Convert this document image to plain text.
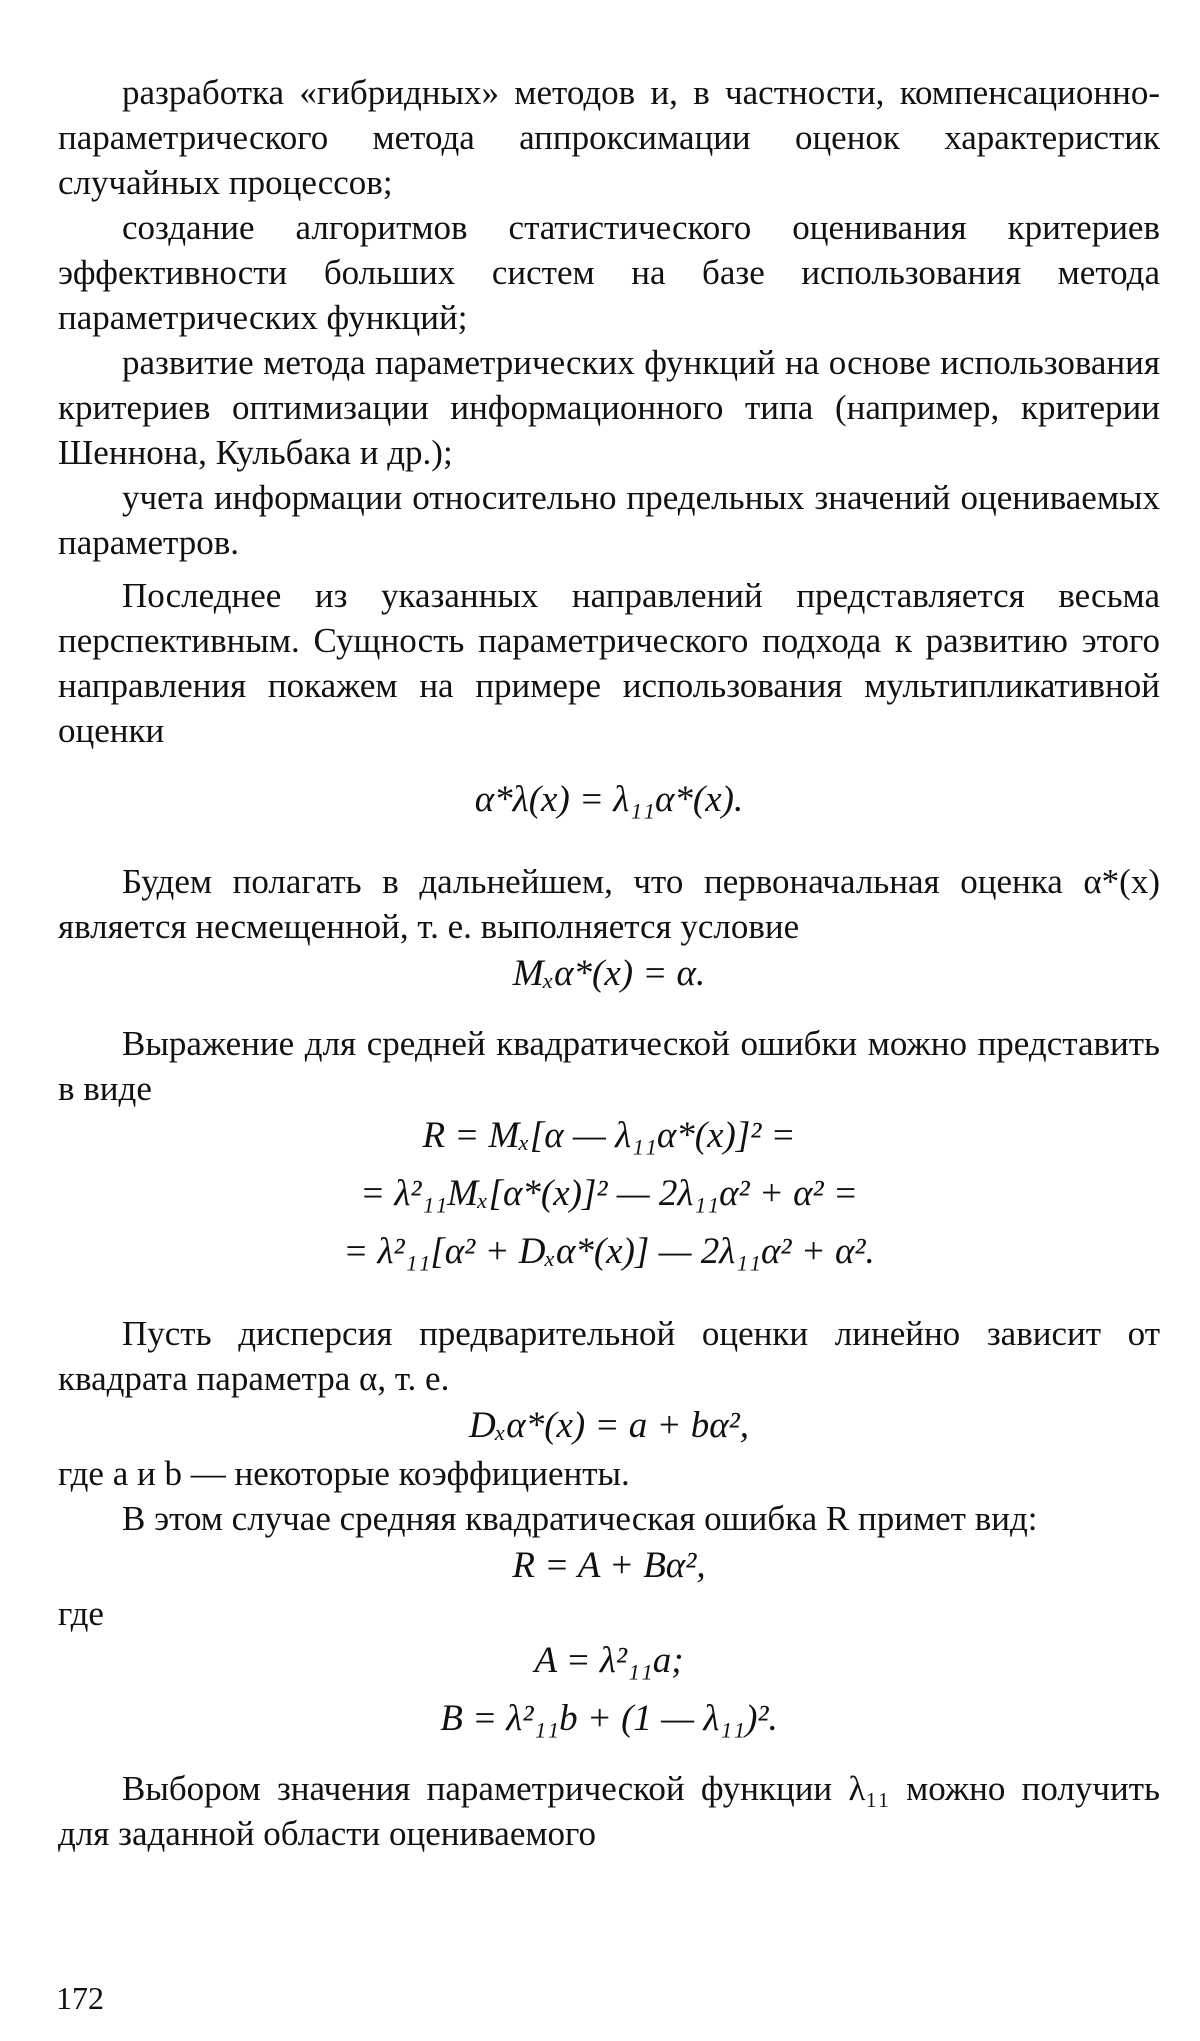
разработка «гибридных» методов и, в частности, компенсационно-параметрического метода аппроксимации оценок характеристик случайных процессов;

создание алгоритмов статистического оценивания критериев эффективности больших систем на базе использования метода параметрических функций;

развитие метода параметрических функций на основе использования критериев оптимизации информационного типа (например, критерии Шеннона, Кульбака и др.);

учета информации относительно предельных значений оцениваемых параметров.

Последнее из указанных направлений представляется весьма перспективным. Сущность параметрического подхода к развитию этого направления покажем на примере использования мультипликативной оценки

α*λ(x) = λ₁₁α*(x).

Будем полагать в дальнейшем, что первоначальная оценка α*(x) является несмещенной, т. е. выполняется условие

Mₓα*(x) = α.

Выражение для средней квадратической ошибки можно представить в виде

R = Mₓ[α — λ₁₁α*(x)]² =
= λ²₁₁Mₓ[α*(x)]² — 2λ₁₁α² + α² =
= λ²₁₁[α² + Dₓα*(x)] — 2λ₁₁α² + α².

Пусть дисперсия предварительной оценки линейно зависит от квадрата параметра α, т. е.

Dₓα*(x) = a + bα²,

где a и b — некоторые коэффициенты.

В этом случае средняя квадратическая ошибка R примет вид:

R = A + Bα²,

где

A = λ²₁₁a;
B = λ²₁₁b + (1 — λ₁₁)².

Выбором значения параметрической функции λ₁₁ можно получить для заданной области оцениваемого

172
